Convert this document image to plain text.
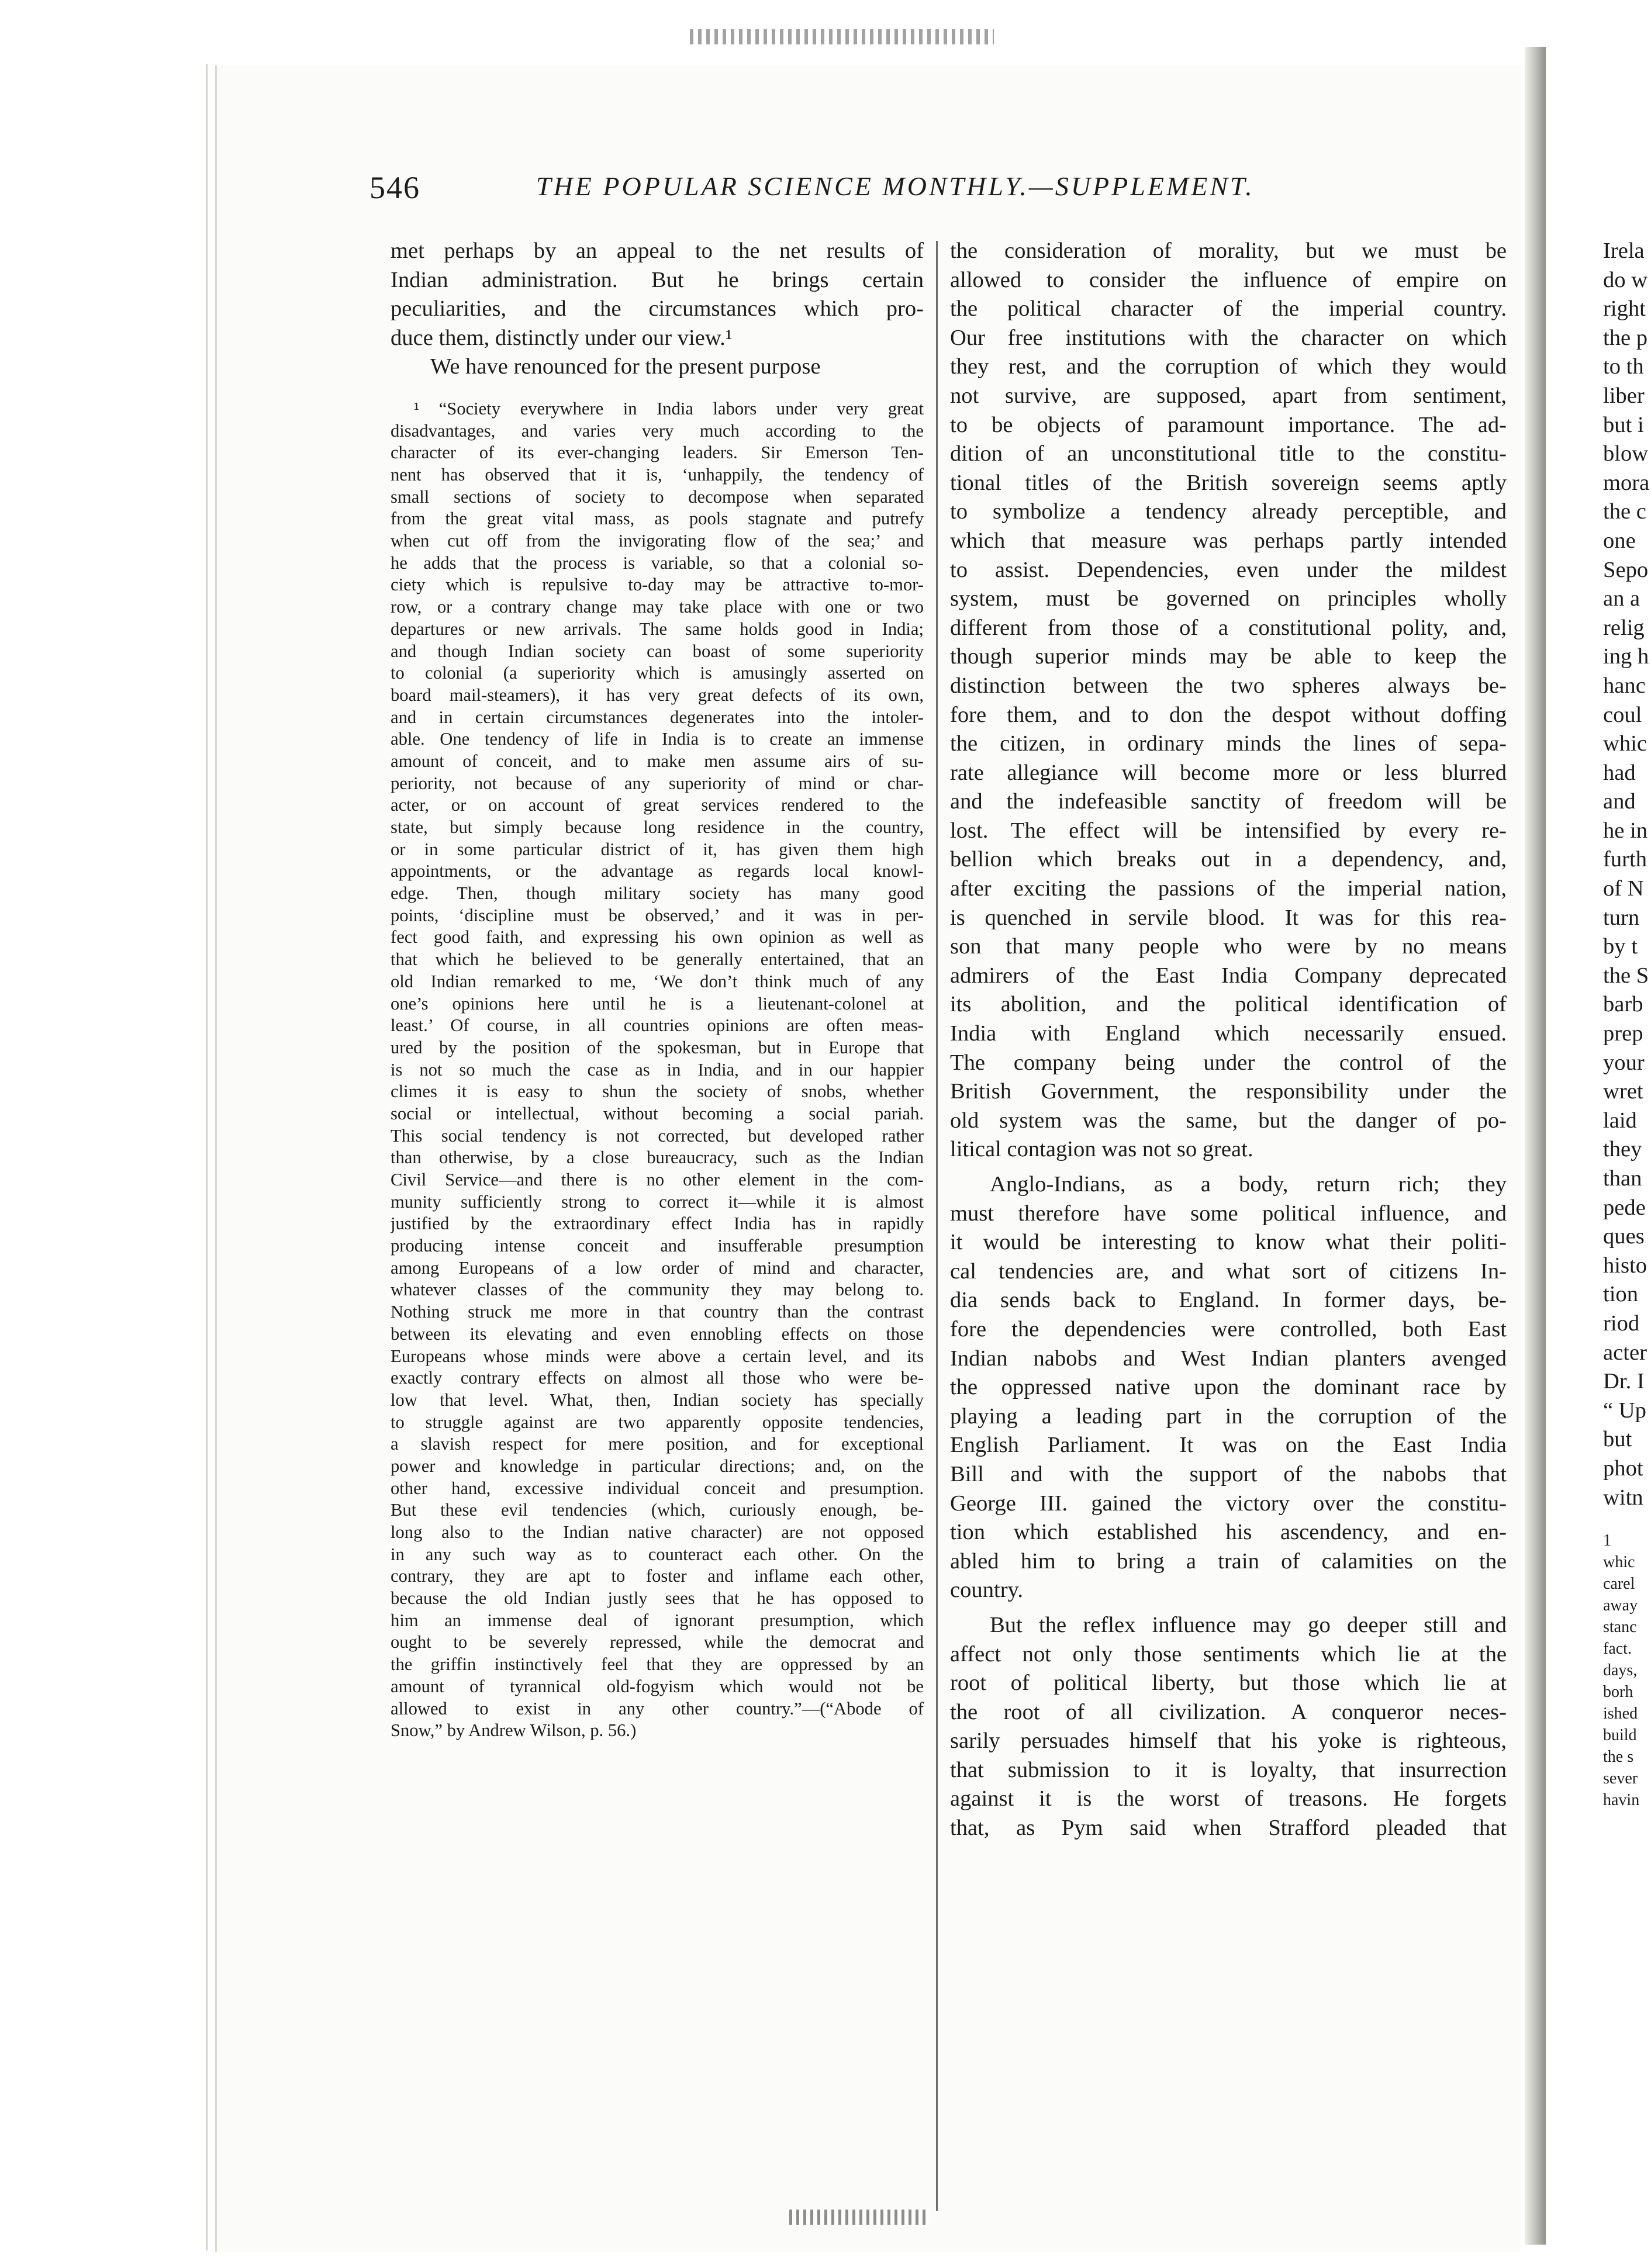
546	THE POPULAR SCIENCE MONTHLY.—SUPPLEMENT.
met perhaps by an appeal to the net results of
Indian administration. But he brings certain
peculiarities, and the circumstances which pro-
duce them, distinctly under our view.¹
We have renounced for the present purpose
¹ “Society everywhere in India labors under very great
disadvantages, and varies very much according to the
character of its ever-changing leaders. Sir Emerson Ten-
nent has observed that it is, ‘unhappily, the tendency of
small sections of society to decompose when separated
from the great vital mass, as pools stagnate and putrefy
when cut off from the invigorating flow of the sea;’ and
he adds that the process is variable, so that a colonial so-
ciety which is repulsive to-day may be attractive to-mor-
row, or a contrary change may take place with one or two
departures or new arrivals. The same holds good in India;
and though Indian society can boast of some superiority
to colonial (a superiority which is amusingly asserted on
board mail-steamers), it has very great defects of its own,
and in certain circumstances degenerates into the intoler-
able. One tendency of life in India is to create an immense
amount of conceit, and to make men assume airs of su-
periority, not because of any superiority of mind or char-
acter, or on account of great services rendered to the
state, but simply because long residence in the country,
or in some particular district of it, has given them high
appointments, or the advantage as regards local knowl-
edge. Then, though military society has many good
points, ‘discipline must be observed,’ and it was in per-
fect good faith, and expressing his own opinion as well as
that which he believed to be generally entertained, that an
old Indian remarked to me, ‘We don’t think much of any
one’s opinions here until he is a lieutenant-colonel at
least.’ Of course, in all countries opinions are often meas-
ured by the position of the spokesman, but in Europe that
is not so much the case as in India, and in our happier
climes it is easy to shun the society of snobs, whether
social or intellectual, without becoming a social pariah.
This social tendency is not corrected, but developed rather
than otherwise, by a close bureaucracy, such as the Indian
Civil Service—and there is no other element in the com-
munity sufficiently strong to correct it—while it is almost
justified by the extraordinary effect India has in rapidly
producing intense conceit and insufferable presumption
among Europeans of a low order of mind and character,
whatever classes of the community they may belong to.
Nothing struck me more in that country than the contrast
between its elevating and even ennobling effects on those
Europeans whose minds were above a certain level, and its
exactly contrary effects on almost all those who were be-
low that level. What, then, Indian society has specially
to struggle against are two apparently opposite tendencies,
a slavish respect for mere position, and for exceptional
power and knowledge in particular directions; and, on the
other hand, excessive individual conceit and presumption.
But these evil tendencies (which, curiously enough, be-
long also to the Indian native character) are not opposed
in any such way as to counteract each other. On the
contrary, they are apt to foster and inflame each other,
because the old Indian justly sees that he has opposed to
him an immense deal of ignorant presumption, which
ought to be severely repressed, while the democrat and
the griffin instinctively feel that they are oppressed by an
amount of tyrannical old-fogyism which would not be
allowed to exist in any other country.”—(“Abode of
Snow,” by Andrew Wilson, p. 56.)
the consideration of morality, but we must be
allowed to consider the influence of empire on
the political character of the imperial country.
Our free institutions with the character on which
they rest, and the corruption of which they would
not survive, are supposed, apart from sentiment,
to be objects of paramount importance. The ad-
dition of an unconstitutional title to the constitu-
tional titles of the British sovereign seems aptly
to symbolize a tendency already perceptible, and
which that measure was perhaps partly intended
to assist. Dependencies, even under the mildest
system, must be governed on principles wholly
different from those of a constitutional polity, and,
though superior minds may be able to keep the
distinction between the two spheres always be-
fore them, and to don the despot without doffing
the citizen, in ordinary minds the lines of sepa-
rate allegiance will become more or less blurred
and the indefeasible sanctity of freedom will be
lost. The effect will be intensified by every re-
bellion which breaks out in a dependency, and,
after exciting the passions of the imperial nation,
is quenched in servile blood. It was for this rea-
son that many people who were by no means
admirers of the East India Company deprecated
its abolition, and the political identification of
India with England which necessarily ensued.
The company being under the control of the
British Government, the responsibility under the
old system was the same, but the danger of po-
litical contagion was not so great.
Anglo-Indians, as a body, return rich; they
must therefore have some political influence, and
it would be interesting to know what their politi-
cal tendencies are, and what sort of citizens In-
dia sends back to England. In former days, be-
fore the dependencies were controlled, both East
Indian nabobs and West Indian planters avenged
the oppressed native upon the dominant race by
playing a leading part in the corruption of the
English Parliament. It was on the East India
Bill and with the support of the nabobs that
George III. gained the victory over the constitu-
tion which established his ascendency, and en-
abled him to bring a train of calamities on the
country.
But the reflex influence may go deeper still and
affect not only those sentiments which lie at the
root of political liberty, but those which lie at
the root of all civilization. A conqueror neces-
sarily persuades himself that his yoke is righteous,
that submission to it is loyalty, that insurrection
against it is the worst of treasons. He forgets
that, as Pym said when Strafford pleaded that
Irela
do w
right
the p
to th
liber
but i
blow
mora
the c
one
Sepo
an a
relig
ing h
hanc
coul
whic
had
and
he in
furth
of N
turn
by t
the S
barb
prep
your
wret
laid
they
than
pede
ques
histo
tion
riod
acter
Dr. I
“ Up
but
phot
witn
1
whic
carel
away
stanc
fact.
days,
borh
ished
build
the s
sever
havin
